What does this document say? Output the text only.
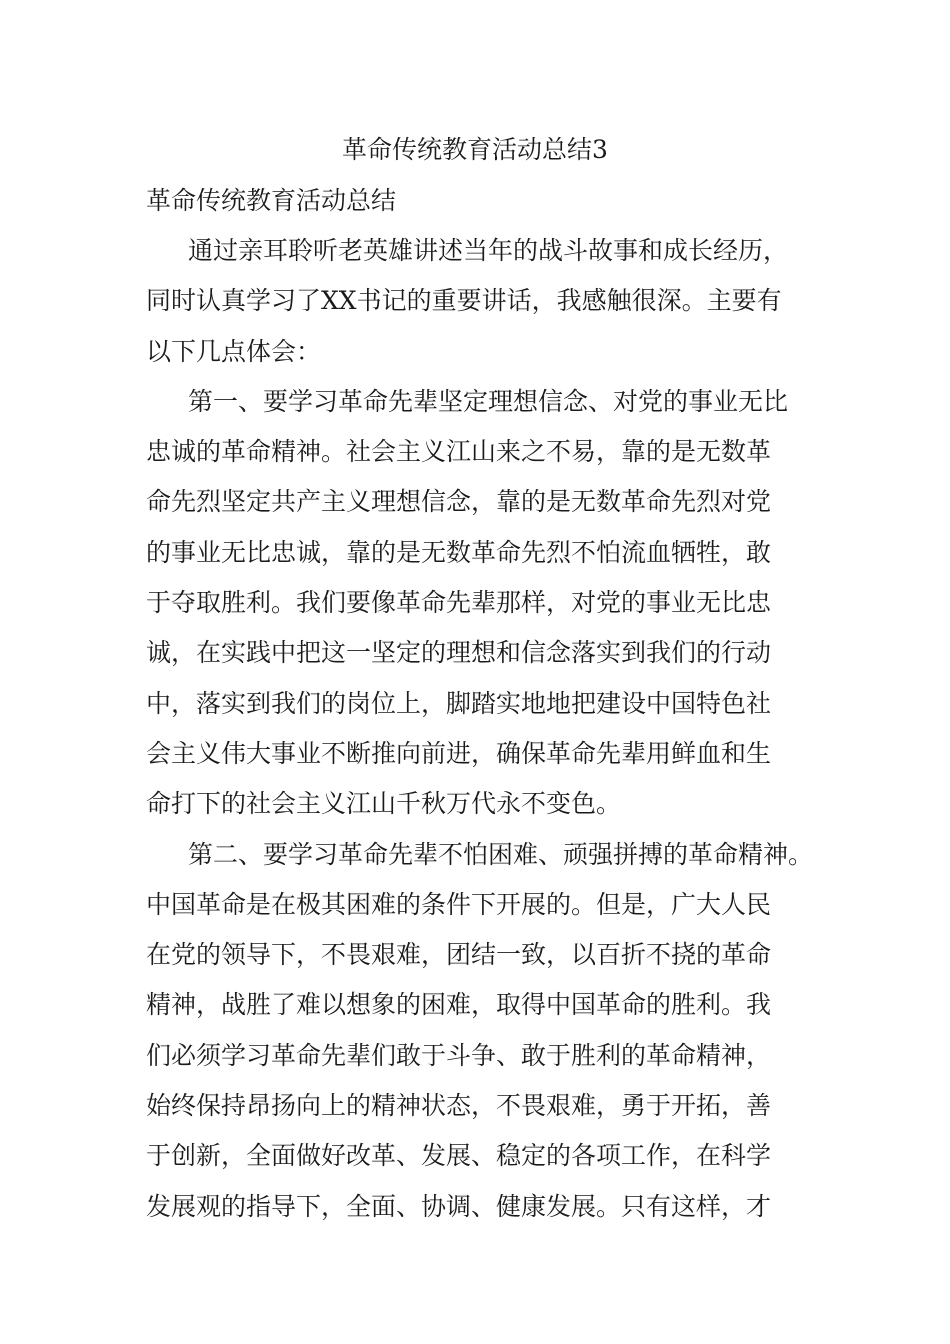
革命传统教育活动总结3

革命传统教育活动总结

通过亲耳聆听老英雄讲述当年的战斗故事和成长经历，
同时认真学习了XX书记的重要讲话，我感触很深。主要有
以下几点体会：

第一、要学习革命先辈坚定理想信念、对党的事业无比
忠诚的革命精神。社会主义江山来之不易，靠的是无数革
命先烈坚定共产主义理想信念，靠的是无数革命先烈对党
的事业无比忠诚，靠的是无数革命先烈不怕流血牺牲，敢
于夺取胜利。我们要像革命先辈那样，对党的事业无比忠
诚，在实践中把这一坚定的理想和信念落实到我们的行动
中，落实到我们的岗位上，脚踏实地地把建设中国特色社
会主义伟大事业不断推向前进，确保革命先辈用鲜血和生
命打下的社会主义江山千秋万代永不变色。

第二、要学习革命先辈不怕困难、顽强拼搏的革命精神。
中国革命是在极其困难的条件下开展的。但是，广大人民
在党的领导下，不畏艰难，团结一致，以百折不挠的革命
精神，战胜了难以想象的困难，取得中国革命的胜利。我
们必须学习革命先辈们敢于斗争、敢于胜利的革命精神，
始终保持昂扬向上的精神状态，不畏艰难，勇于开拓，善
于创新，全面做好改革、发展、稳定的各项工作，在科学
发展观的指导下，全面、协调、健康发展。只有这样，才
